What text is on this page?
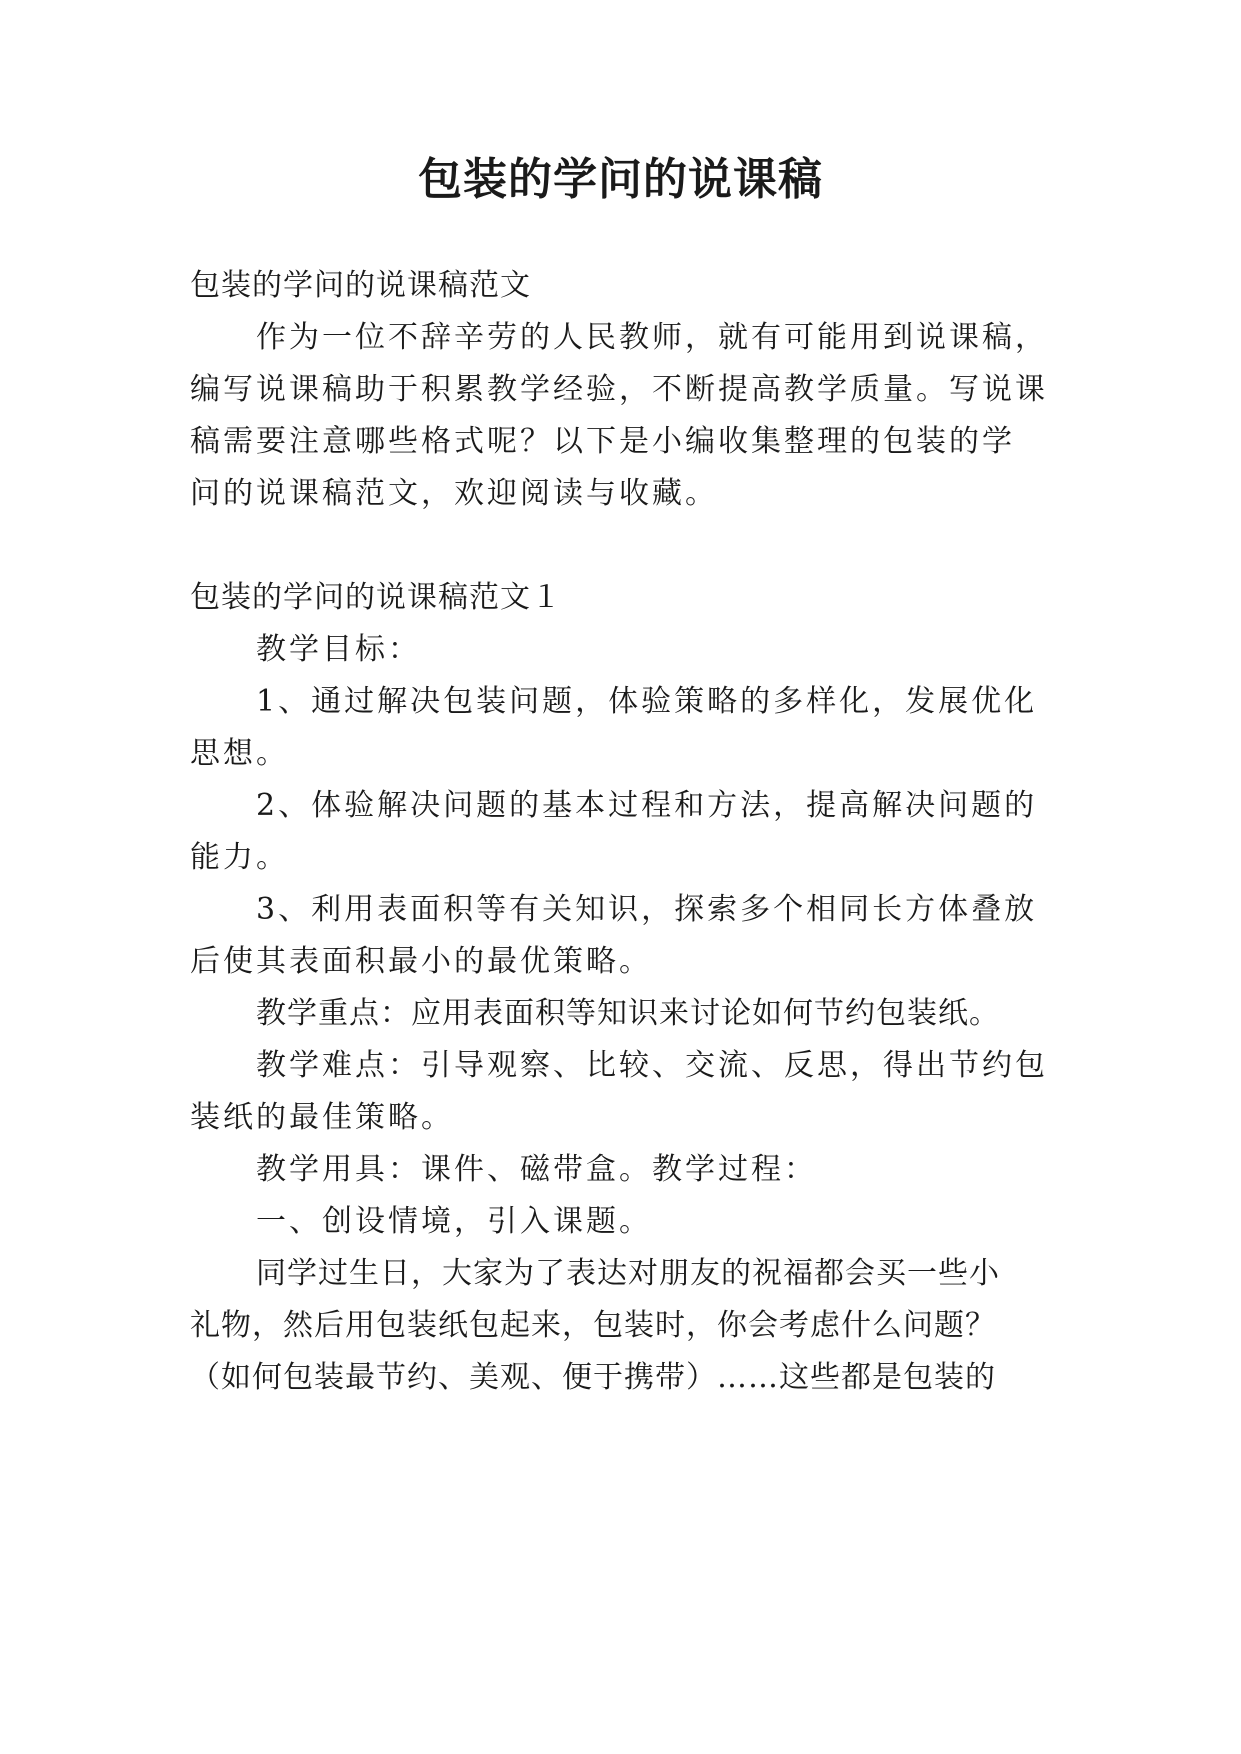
包装的学问的说课稿

包装的学问的说课稿范文

作为一位不辞辛劳的人民教师，就有可能用到说课稿，

编写说课稿助于积累教学经验，不断提高教学质量。写说课

稿需要注意哪些格式呢？以下是小编收集整理的包装的学

问的说课稿范文，欢迎阅读与收藏。

包装的学问的说课稿范文１

教学目标：

1、通过解决包装问题，体验策略的多样化，发展优化

思想。

2、体验解决问题的基本过程和方法，提高解决问题的

能力。

3、利用表面积等有关知识，探索多个相同长方体叠放

后使其表面积最小的最优策略。

教学重点：应用表面积等知识来讨论如何节约包装纸。

教学难点：引导观察、比较、交流、反思，得出节约包

装纸的最佳策略。

教学用具：课件、磁带盒。教学过程：

一、创设情境，引入课题。

同学过生日，大家为了表达对朋友的祝福都会买一些小

礼物，然后用包装纸包起来，包装时，你会考虑什么问题？

（如何包装最节约、美观、便于携带）……这些都是包装的
